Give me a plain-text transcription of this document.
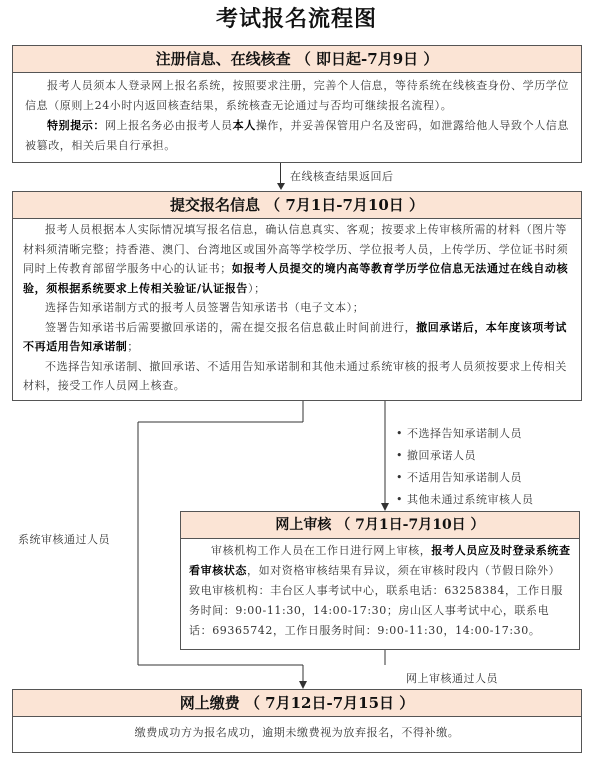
考试报名流程图
注册信息、在线核查 （ 即日起-7月9日 ）

报考人员须本人登录网上报名系统，按照要求注册，完善个人信息，等待系统在线核查身份、学历学位信息（原则上24小时内返回核查结果，系统核查无论通过与否均可继续报名流程）。

特别提示：网上报名务必由报考人员本人操作，并妥善保管用户名及密码，如泄露给他人导致个人信息被篡改，相关后果自行承担。

在线核查结果返回后
提交报名信息 （ 7月1日-7月10日 ）

报考人员根据本人实际情况填写报名信息，确认信息真实、客观；按要求上传审核所需的材料（图片等材料须清晰完整；持香港、澳门、台湾地区或国外高等学校学历、学位报考人员，上传学历、学位证书时须同时上传教育部留学服务中心的认证书；如报考人员提交的境内高等教育学历学位信息无法通过在线自动核验，须根据系统要求上传相关验证/认证报告）；

选择告知承诺制方式的报考人员签署告知承诺书（电子文本）；

签署告知承诺书后需要撤回承诺的，需在提交报名信息截止时间前进行，撤回承诺后，本年度该项考试不再适用告知承诺制；

不选择告知承诺制、撤回承诺、不适用告知承诺制和其他未通过系统审核的报考人员须按要求上传相关材料，接受工作人员网上核查。

• 不选择告知承诺制人员
• 撤回承诺人员
• 不适用告知承诺制人员
• 其他未通过系统审核人员
系统审核通过人员
网上审核 （ 7月1日-7月10日 ）

审核机构工作人员在工作日进行网上审核，报考人员应及时登录系统查看审核状态，如对资格审核结果有异议，须在审核时段内（节假日除外）致电审核机构：丰台区人事考试中心，联系电话：63258384，工作日服务时间：9:00-11:30，14:00-17:30；房山区人事考试中心，联系电话：69365742，工作日服务时间：9:00-11:30，14:00-17:30。

网上审核通过人员
网上缴费 （ 7月12日-7月15日 ）
缴费成功方为报名成功，逾期未缴费视为放弃报名，不得补缴。
